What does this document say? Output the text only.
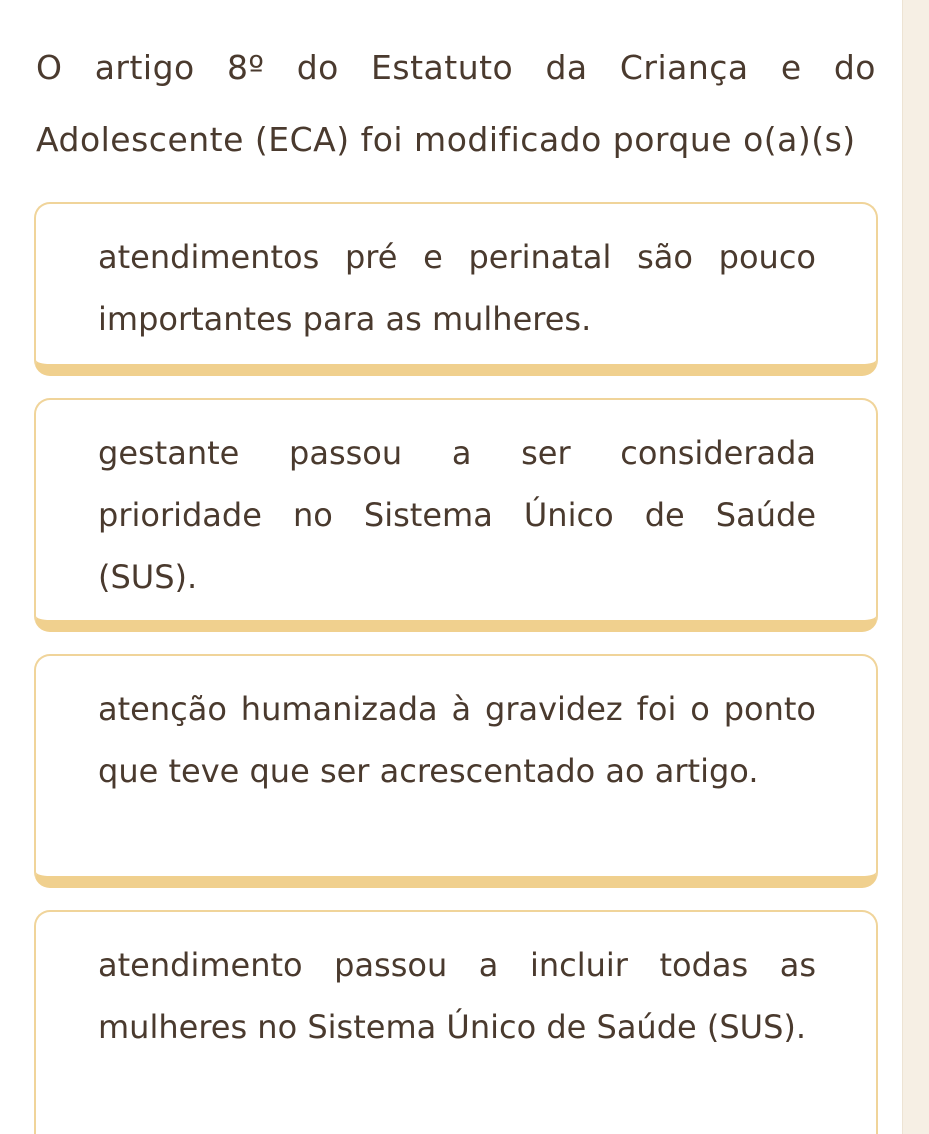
O artigo 8º do Estatuto da Criança e do Adolescente (ECA) foi modificado porque o(a)(s)
atendimentos pré e perinatal são pouco importantes para as mulheres.
gestante passou a ser considerada prioridade no Sistema Único de Saúde (SUS).
atenção humanizada à gravidez foi o ponto que teve que ser acrescentado ao artigo.
atendimento passou a incluir todas as mulheres no Sistema Único de Saúde (SUS).
